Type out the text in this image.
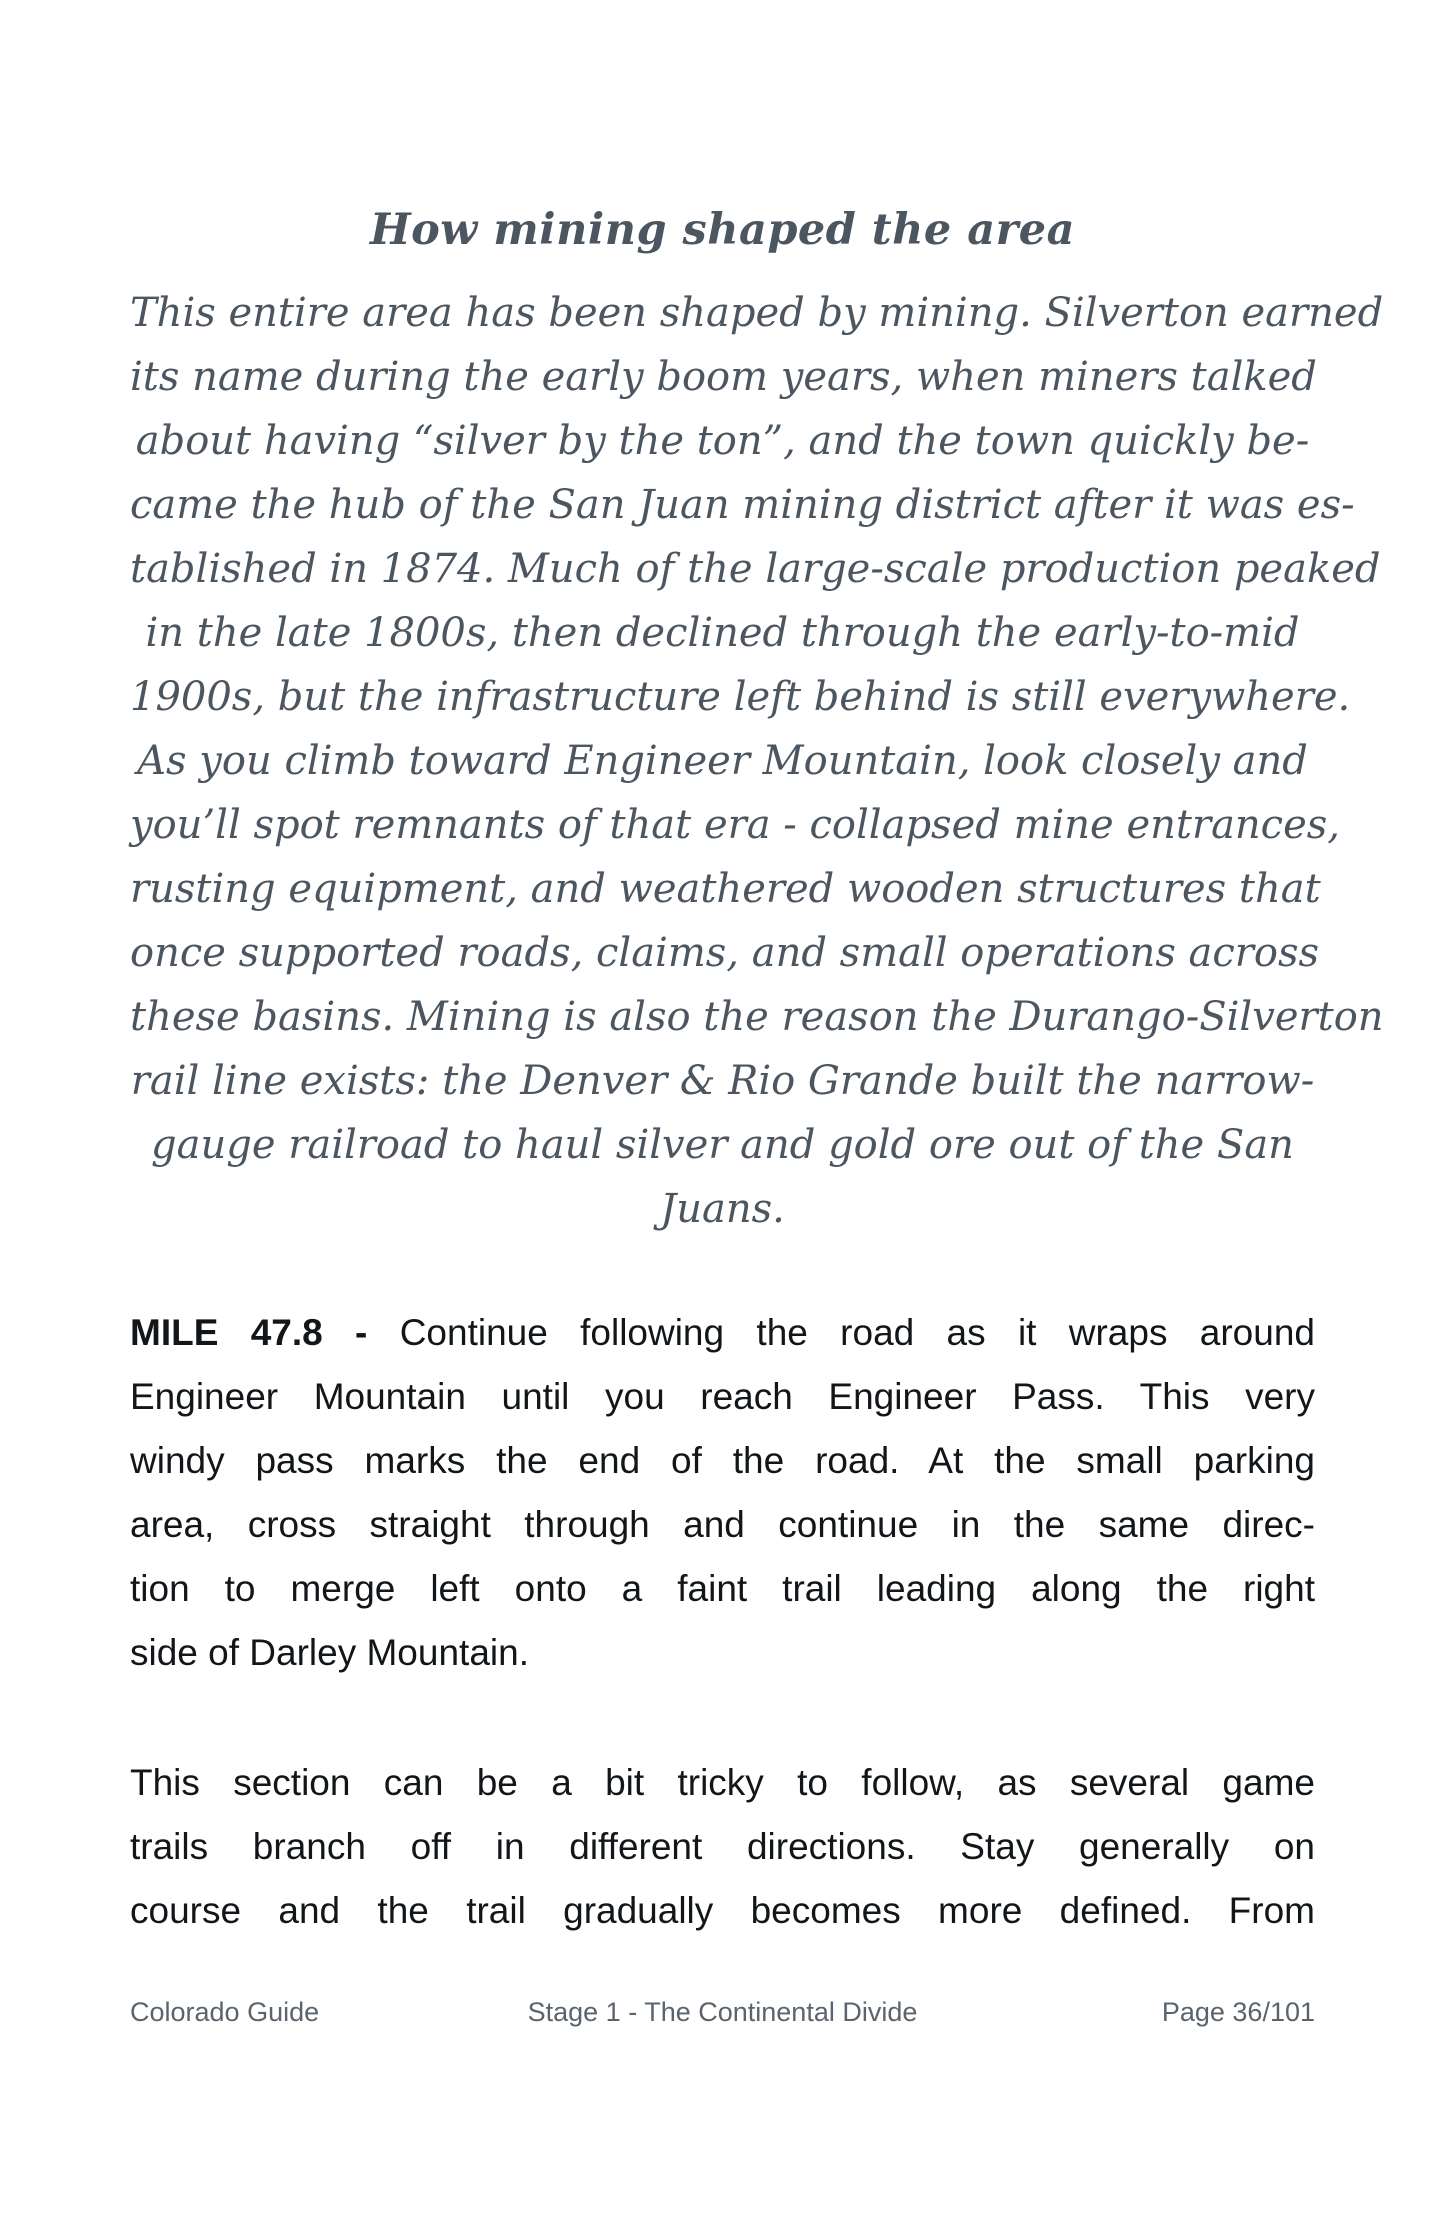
How mining shaped the area
This entire area has been shaped by mining. Silverton earned
its name during the early boom years, when miners talked
about having “silver by the ton”, and the town quickly be-
came the hub of the San Juan mining district after it was es-
tablished in 1874. Much of the large-scale production peaked
in the late 1800s, then declined through the early-to-mid
1900s, but the infrastructure left behind is still everywhere.
As you climb toward Engineer Mountain, look closely and
you’ll spot remnants of that era - collapsed mine entrances,
rusting equipment, and weathered wooden structures that
once supported roads, claims, and small operations across
these basins. Mining is also the reason the Durango-Silverton
rail line exists: the Denver & Rio Grande built the narrow-
gauge railroad to haul silver and gold ore out of the San
Juans.
MILE 47.8 - Continue following the road as it wraps around
Engineer Mountain until you reach Engineer Pass. This very
windy pass marks the end of the road. At the small parking
area, cross straight through and continue in the same direc-
tion to merge left onto a faint trail leading along the right
side of Darley Mountain.
This section can be a bit tricky to follow, as several game
trails branch off in different directions. Stay generally on
course and the trail gradually becomes more defined. From
Colorado Guide	Stage 1 - The Continental Divide	Page 36/101
